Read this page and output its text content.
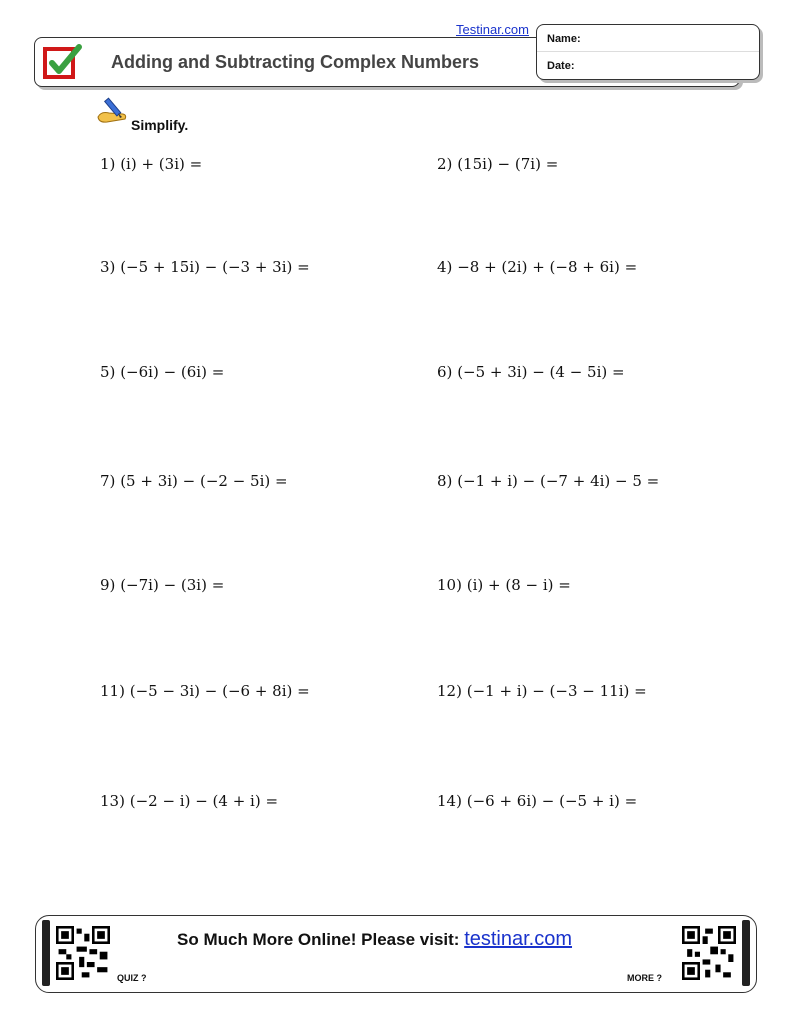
Testinar.com
Adding and Subtracting Complex Numbers
Name:
Date:
Simplify.
1) (i) + (3i) =	2) (15i) − (7i) =
3) (−5 + 15i) − (−3 + 3i) =	4) −8 + (2i) + (−8 + 6i) =
5) (−6i) − (6i) =	6) (−5 + 3i) − (4 − 5i) =
7) (5 + 3i) − (−2 − 5i) =	8) (−1 + i) − (−7 + 4i) − 5 =
9) (−7i) − (3i) =	10) (i) + (8 − i) =
11) (−5 − 3i) − (−6 + 8i) =	12) (−1 + i) − (−3 − 11i) =
13) (−2 − i) − (4 + i) =	14) (−6 + 6i) − (−5 + i) =
So Much More Online! Please visit: testinar.com
QUIZ ?	MORE ?
